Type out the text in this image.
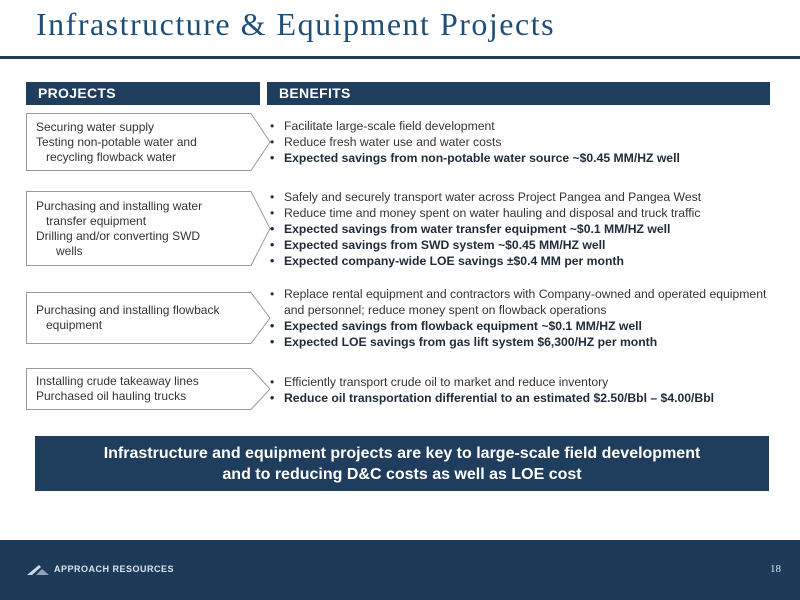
Infrastructure & Equipment Projects
PROJECTS	BENEFITS
Securing water supply
Testing non-potable water and
recycling flowback water
• Facilitate large-scale field development
• Reduce fresh water use and water costs
• Expected savings from non-potable water source ~$0.45 MM/HZ well
Purchasing and installing water
transfer equipment
Drilling and/or converting SWD
wells
• Safely and securely transport water across Project Pangea and Pangea West
• Reduce time and money spent on water hauling and disposal and truck traffic
• Expected savings from water transfer equipment ~$0.1 MM/HZ well
• Expected savings from SWD system ~$0.45 MM/HZ well
• Expected company-wide LOE savings ±$0.4 MM per month
Purchasing and installing flowback
equipment
• Replace rental equipment and contractors with Company-owned and operated equipment and personnel; reduce money spent on flowback operations
• Expected savings from flowback equipment ~$0.1 MM/HZ well
• Expected LOE savings from gas lift system $6,300/HZ per month
Installing crude takeaway lines
Purchased oil hauling trucks
• Efficiently transport crude oil to market and reduce inventory
• Reduce oil transportation differential to an estimated $2.50/Bbl – $4.00/Bbl
Infrastructure and equipment projects are key to large-scale field development
and to reducing D&C costs as well as LOE cost
APPROACH RESOURCES	18
